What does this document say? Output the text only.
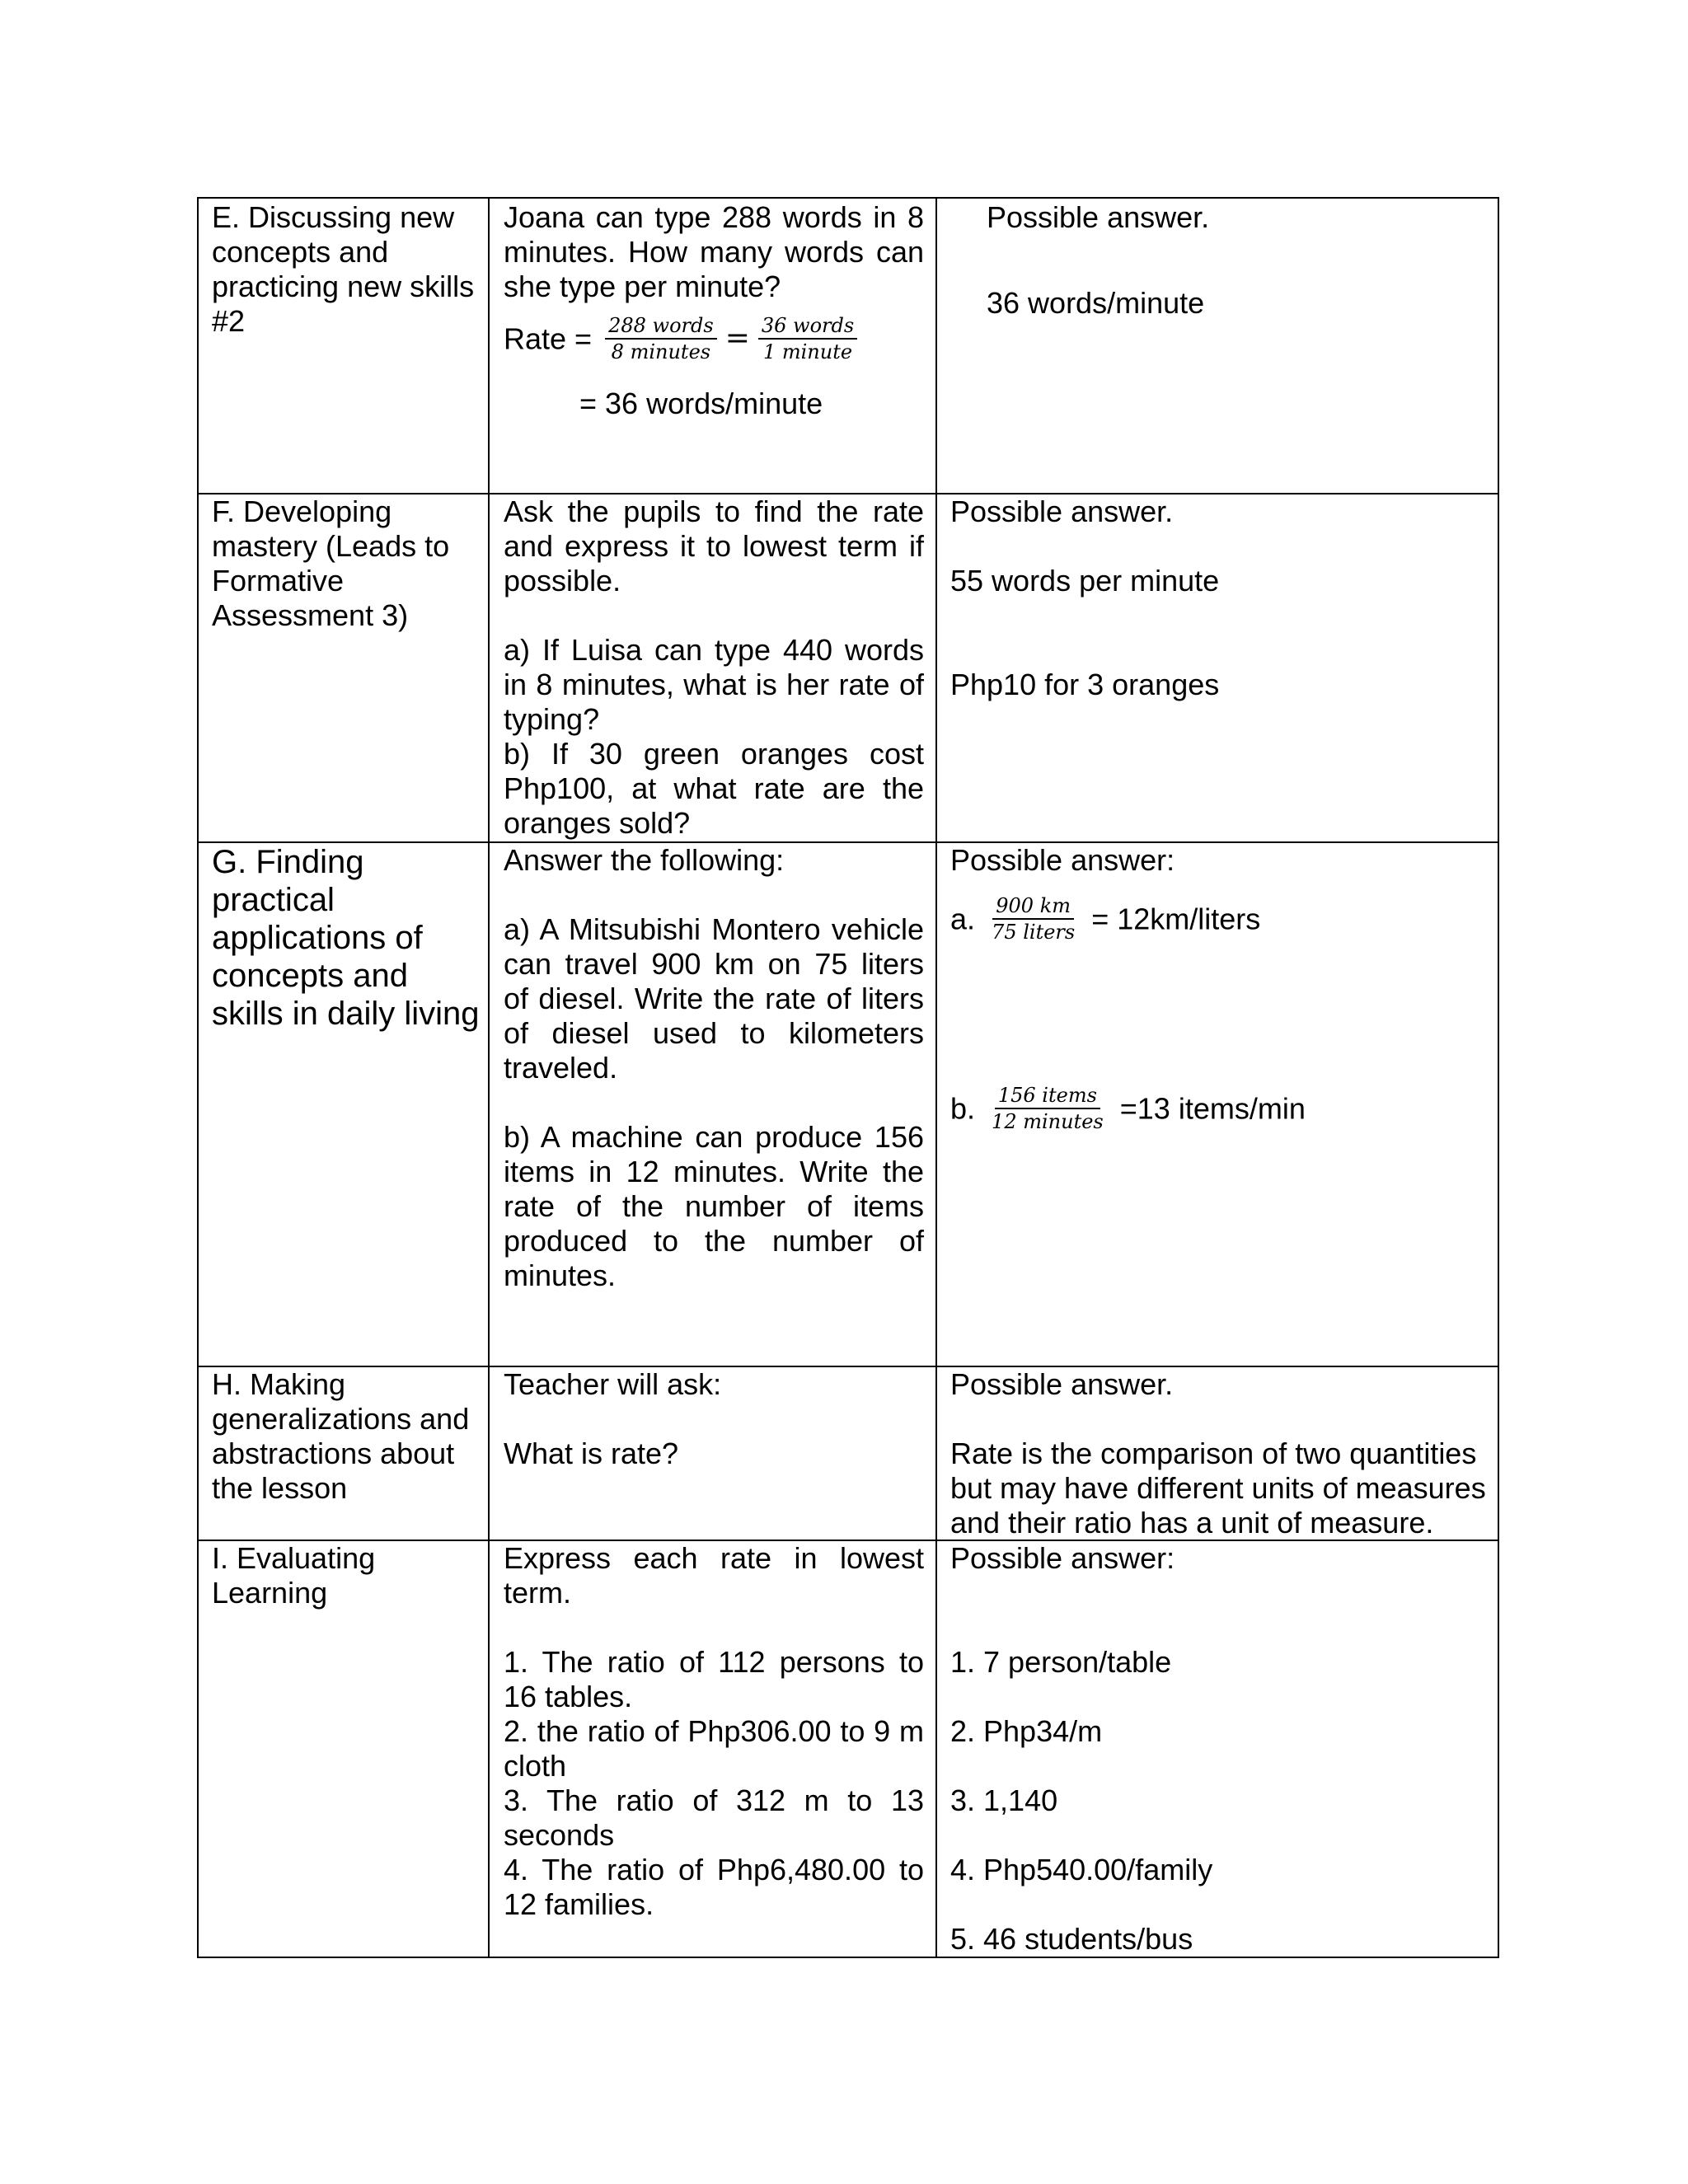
E. Discussing new concepts and practicing new skills #2
Joana can type 288 words in 8 minutes. How many words can she type per minute?
Rate = $\frac{\text{288 words}}{\text{8 minutes}} = \frac{\text{36 words}}{\text{1 minute}}$
= 36 words/minute
Possible answer.
36 words/minute
F. Developing mastery (Leads to Formative Assessment 3)
Ask the pupils to find the rate and express it to lowest term if possible.
a) If Luisa can type 440 words in 8 minutes, what is her rate of typing?
b) If 30 green oranges cost Php100, at what rate are the oranges sold?
Possible answer.
55 words per minute
Php10 for 3 oranges
G. Finding practical applications of concepts and skills in daily living
Answer the following:
a) A Mitsubishi Montero vehicle can travel 900 km on 75 liters of diesel. Write the rate of liters of diesel used to kilometers traveled.
b) A machine can produce 156 items in 12 minutes. Write the rate of the number of items produced to the number of minutes.
Possible answer:
a. $\frac{900 km}{\text{75 liters}}$ = 12km/liters
b. $\frac{\text{156 items}}{\text{12 minutes}} =13$ items/min
H. Making generalizations and abstractions about the lesson
Teacher will ask:
What is rate?
Possible answer.
Rate is the comparison of two quantities but may have different units of measures and their ratio has a unit of measure.
I. Evaluating Learning
Express each rate in lowest term.
1. The ratio of 112 persons to 16 tables.
2. the ratio of Php306.00 to 9 m cloth
3. The ratio of 312 m to 13 seconds
4. The ratio of Php6,480.00 to 12 families.
Possible answer:
1. 7 person/table
2. Php34/m
3. 1,140
4. Php540.00/family
5. 46 students/bus
